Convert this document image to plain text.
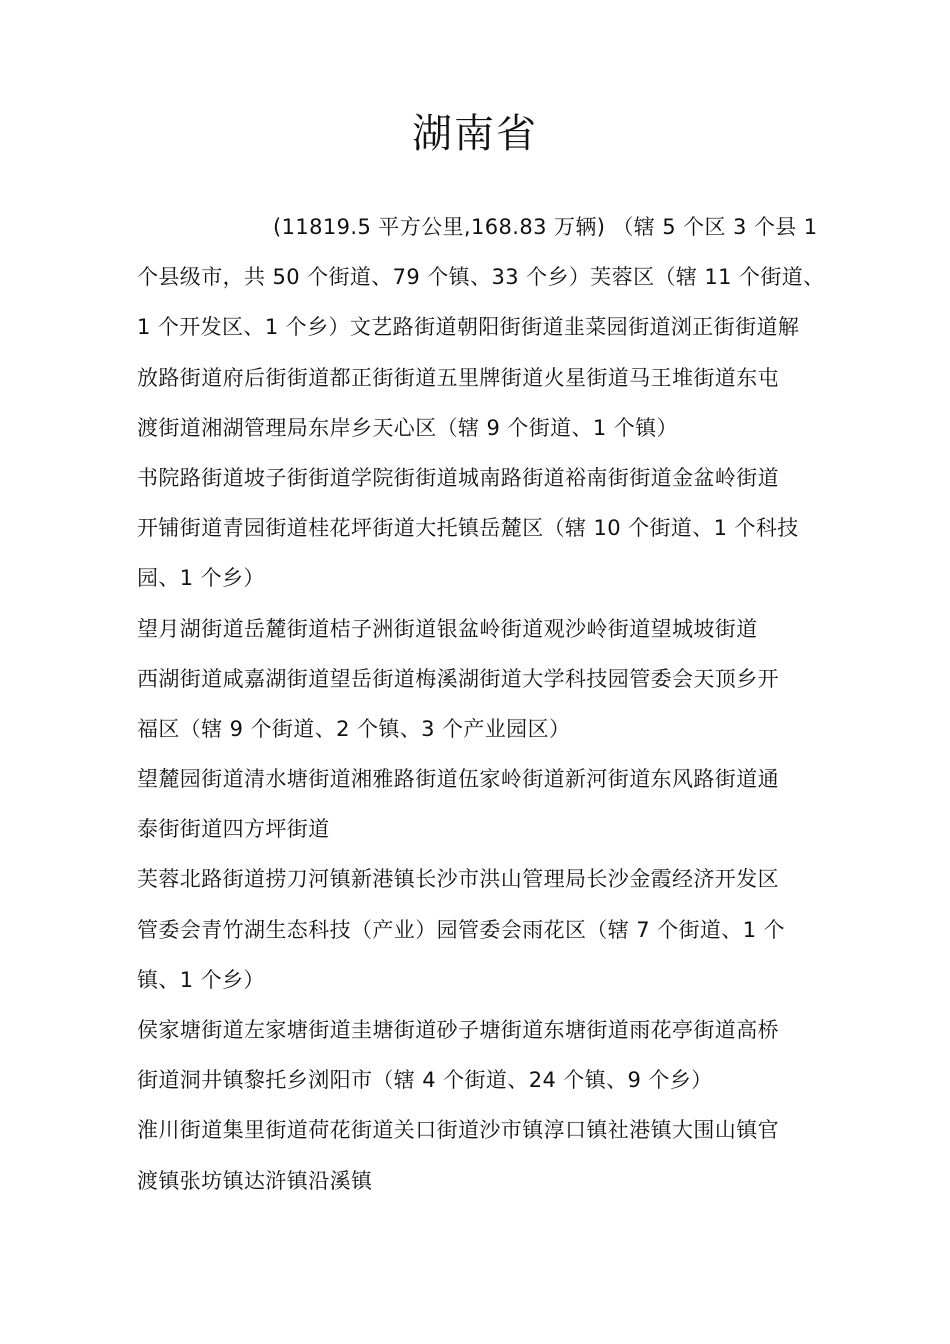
湖南省
(11819.5 平方公里,168.83 万辆) （辖 5 个区 3 个县 1
个县级市，共 50 个街道、79 个镇、33 个乡）芙蓉区（辖 11 个街道、
1 个开发区、1 个乡）文艺路街道朝阳街街道韭菜园街道浏正街街道解
放路街道府后街街道都正街街道五里牌街道火星街道马王堆街道东屯
渡街道湘湖管理局东岸乡天心区（辖 9 个街道、1 个镇）
书院路街道坡子街街道学院街街道城南路街道裕南街街道金盆岭街道
开铺街道青园街道桂花坪街道大托镇岳麓区（辖 10 个街道、1 个科技
园、1 个乡）
望月湖街道岳麓街道桔子洲街道银盆岭街道观沙岭街道望城坡街道
西湖街道咸嘉湖街道望岳街道梅溪湖街道大学科技园管委会天顶乡开
福区（辖 9 个街道、2 个镇、3 个产业园区）
望麓园街道清水塘街道湘雅路街道伍家岭街道新河街道东风路街道通
泰街街道四方坪街道
芙蓉北路街道捞刀河镇新港镇长沙市洪山管理局长沙金霞经济开发区
管委会青竹湖生态科技（产业）园管委会雨花区（辖 7 个街道、1 个
镇、1 个乡）
侯家塘街道左家塘街道圭塘街道砂子塘街道东塘街道雨花亭街道高桥
街道洞井镇黎托乡浏阳市（辖 4 个街道、24 个镇、9 个乡）
淮川街道集里街道荷花街道关口街道沙市镇淳口镇社港镇大围山镇官
渡镇张坊镇达浒镇沿溪镇
